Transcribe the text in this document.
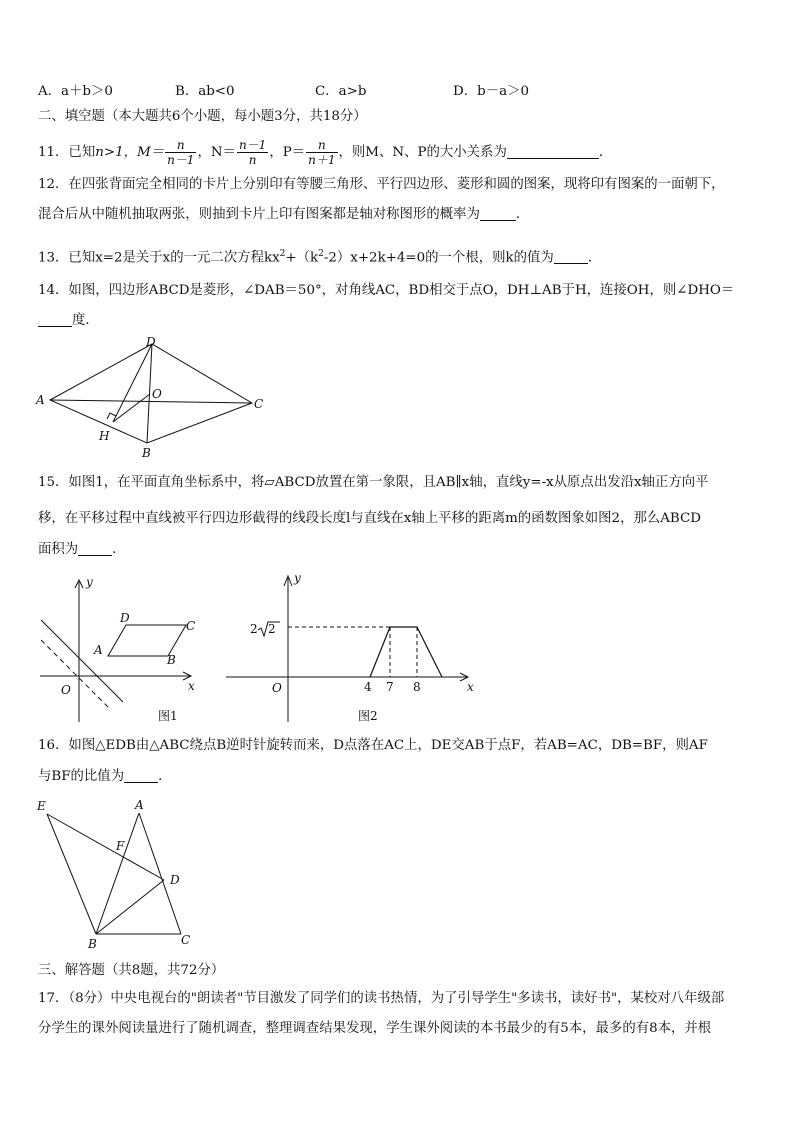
A．a＋b＞0	B．ab<0	C．a>b	D．b－a＞0
二、填空题（本大题共6个小题，每小题3分，共18分）
11．已知n>1，$M= \frac{n}{n-1}$ ，$N= \frac{n-1}{n}$ ，$P= \frac{n}{n+1}$ ，则M、N、P的大小关系为	．
12．在四张背面完全相同的卡片上分别印有等腰三角形、平行四边形、菱形和圆的图案，现将印有图案的一面朝下，
混合后从中随机抽取两张，则抽到卡片上印有图案都是轴对称图形的概率为	．
13．已知x=2是关于x的一元二次方程$kx^2+(k^2-2)x+2k+4=0$的一个根，则k的值为	．
14．如图，四边形ABCD是菱形，∠DAB＝50°，对角线AC，BD相交于点O，DH⊥AB于H，连接OH，则∠DHO＝
度．
D
A	O
C
H
B
15．如图1，在平面直角坐标系中，将▱ABCD放置在第一象限，且AB∥x轴，直线y=-x从原点出发沿x轴正方向平
移，在平移过程中直线被平行四边形截得的线段长度l与直线在x轴上平移的距离m的函数图象如图2，那么ABCD
面积为	．
y
x
O
A
B
C
D
图1
y
x
O
2 2
4 7 8
图2
16．如图△EDB由△ABC绕点B逆时针旋转而来，D点落在AC上，DE交AB于点F，若AB=AC，DB=BF，则AF
与BF的比值为	．
E	A
F
D
B	C
三、解答题（共8题，共72分）
17．（8分）中央电视台的"朗读者"节目激发了同学们的读书热情，为了引导学生"多读书，读好书"，某校对八年级部
分学生的课外阅读量进行了随机调查，整理调查结果发现，学生课外阅读的本书最少的有5本，最多的有8本，并根
